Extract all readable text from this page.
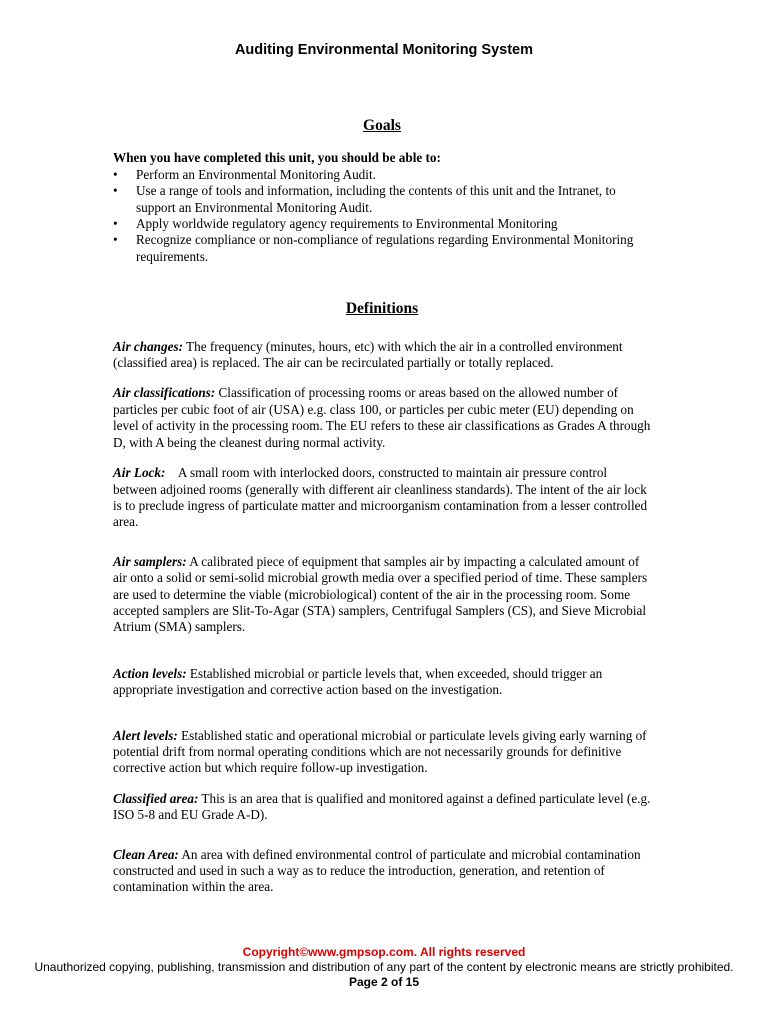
Auditing Environmental Monitoring System
Goals

When you have completed this unit, you should be able to:

• Perform an Environmental Monitoring Audit.
• Use a range of tools and information, including the contents of this unit and the Intranet, to support an Environmental Monitoring Audit.
• Apply worldwide regulatory agency requirements to Environmental Monitoring
• Recognize compliance or non-compliance of regulations regarding Environmental Monitoring requirements.
Definitions

Air changes: The frequency (minutes, hours, etc) with which the air in a controlled environment (classified area) is replaced. The air can be recirculated partially or totally replaced.

Air classifications: Classification of processing rooms or areas based on the allowed number of particles per cubic foot of air (USA) e.g. class 100, or particles per cubic meter (EU) depending on level of activity in the processing room. The EU refers to these air classifications as Grades A through D, with A being the cleanest during normal activity.

Air Lock:    A small room with interlocked doors, constructed to maintain air pressure control between adjoined rooms (generally with different air cleanliness standards). The intent of the air lock is to preclude ingress of particulate matter and microorganism contamination from a lesser controlled area.

Air samplers: A calibrated piece of equipment that samples air by impacting a calculated amount of air onto a solid or semi-solid microbial growth media over a specified period of time. These samplers are used to determine the viable (microbiological) content of the air in the processing room. Some accepted samplers are Slit-To-Agar (STA) samplers, Centrifugal Samplers (CS), and Sieve Microbial Atrium (SMA) samplers.

Action levels: Established microbial or particle levels that, when exceeded, should trigger an appropriate investigation and corrective action based on the investigation.

Alert levels: Established static and operational microbial or particulate levels giving early warning of potential drift from normal operating conditions which are not necessarily grounds for definitive corrective action but which require follow-up investigation.

Classified area: This is an area that is qualified and monitored against a defined particulate level (e.g. ISO 5-8 and EU Grade A-D).

Clean Area: An area with defined environmental control of particulate and microbial contamination constructed and used in such a way as to reduce the introduction, generation, and retention of contamination within the area.

Copyright©www.gmpsop.com. All rights reserved
Unauthorized copying, publishing, transmission and distribution of any part of the content by electronic means are strictly prohibited.
Page 2 of 15
